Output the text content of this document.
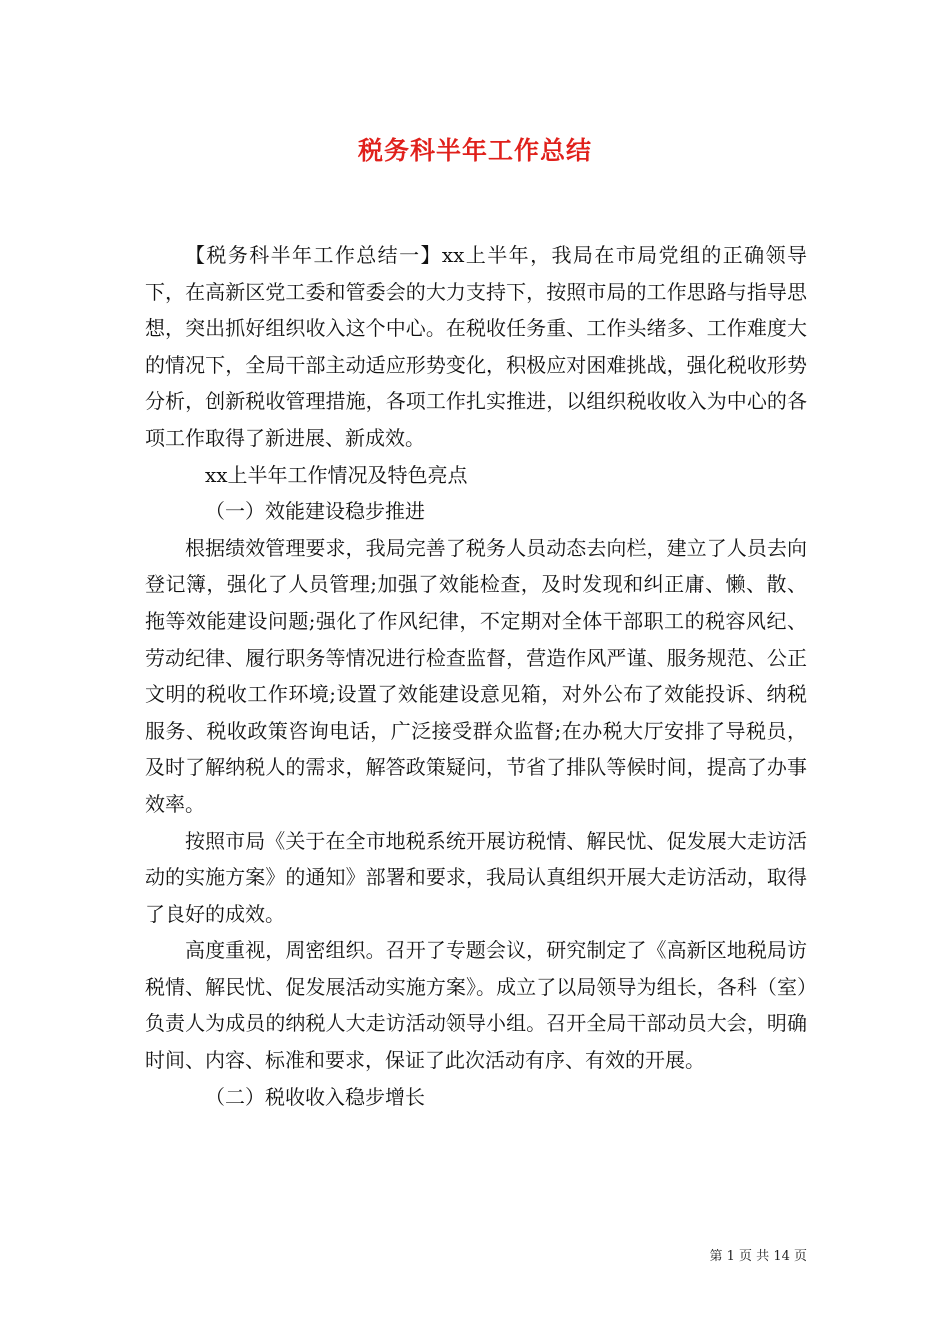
税务科半年工作总结

【税务科半年工作总结一】xx上半年，我局在市局党组的正确领导下，在高新区党工委和管委会的大力支持下，按照市局的工作思路与指导思想，突出抓好组织收入这个中心。在税收任务重、工作头绪多、工作难度大的情况下，全局干部主动适应形势变化，积极应对困难挑战，强化税收形势分析，创新税收管理措施，各项工作扎实推进，以组织税收收入为中心的各项工作取得了新进展、新成效。

xx上半年工作情况及特色亮点

（一）效能建设稳步推进

根据绩效管理要求，我局完善了税务人员动态去向栏，建立了人员去向登记簿，强化了人员管理;加强了效能检查，及时发现和纠正庸、懒、散、拖等效能建设问题;强化了作风纪律，不定期对全体干部职工的税容风纪、劳动纪律、履行职务等情况进行检查监督，营造作风严谨、服务规范、公正文明的税收工作环境;设置了效能建设意见箱，对外公布了效能投诉、纳税服务、税收政策咨询电话，广泛接受群众监督;在办税大厅安排了导税员，及时了解纳税人的需求，解答政策疑问，节省了排队等候时间，提高了办事效率。

按照市局《关于在全市地税系统开展访税情、解民忧、促发展大走访活动的实施方案》的通知》部署和要求，我局认真组织开展大走访活动，取得了良好的成效。

高度重视，周密组织。召开了专题会议，研究制定了《高新区地税局访税情、解民忧、促发展活动实施方案》。成立了以局领导为组长，各科（室）负责人为成员的纳税人大走访活动领导小组。召开全局干部动员大会，明确时间、内容、标准和要求，保证了此次活动有序、有效的开展。

（二）税收收入稳步增长

第 1 页 共 14 页
